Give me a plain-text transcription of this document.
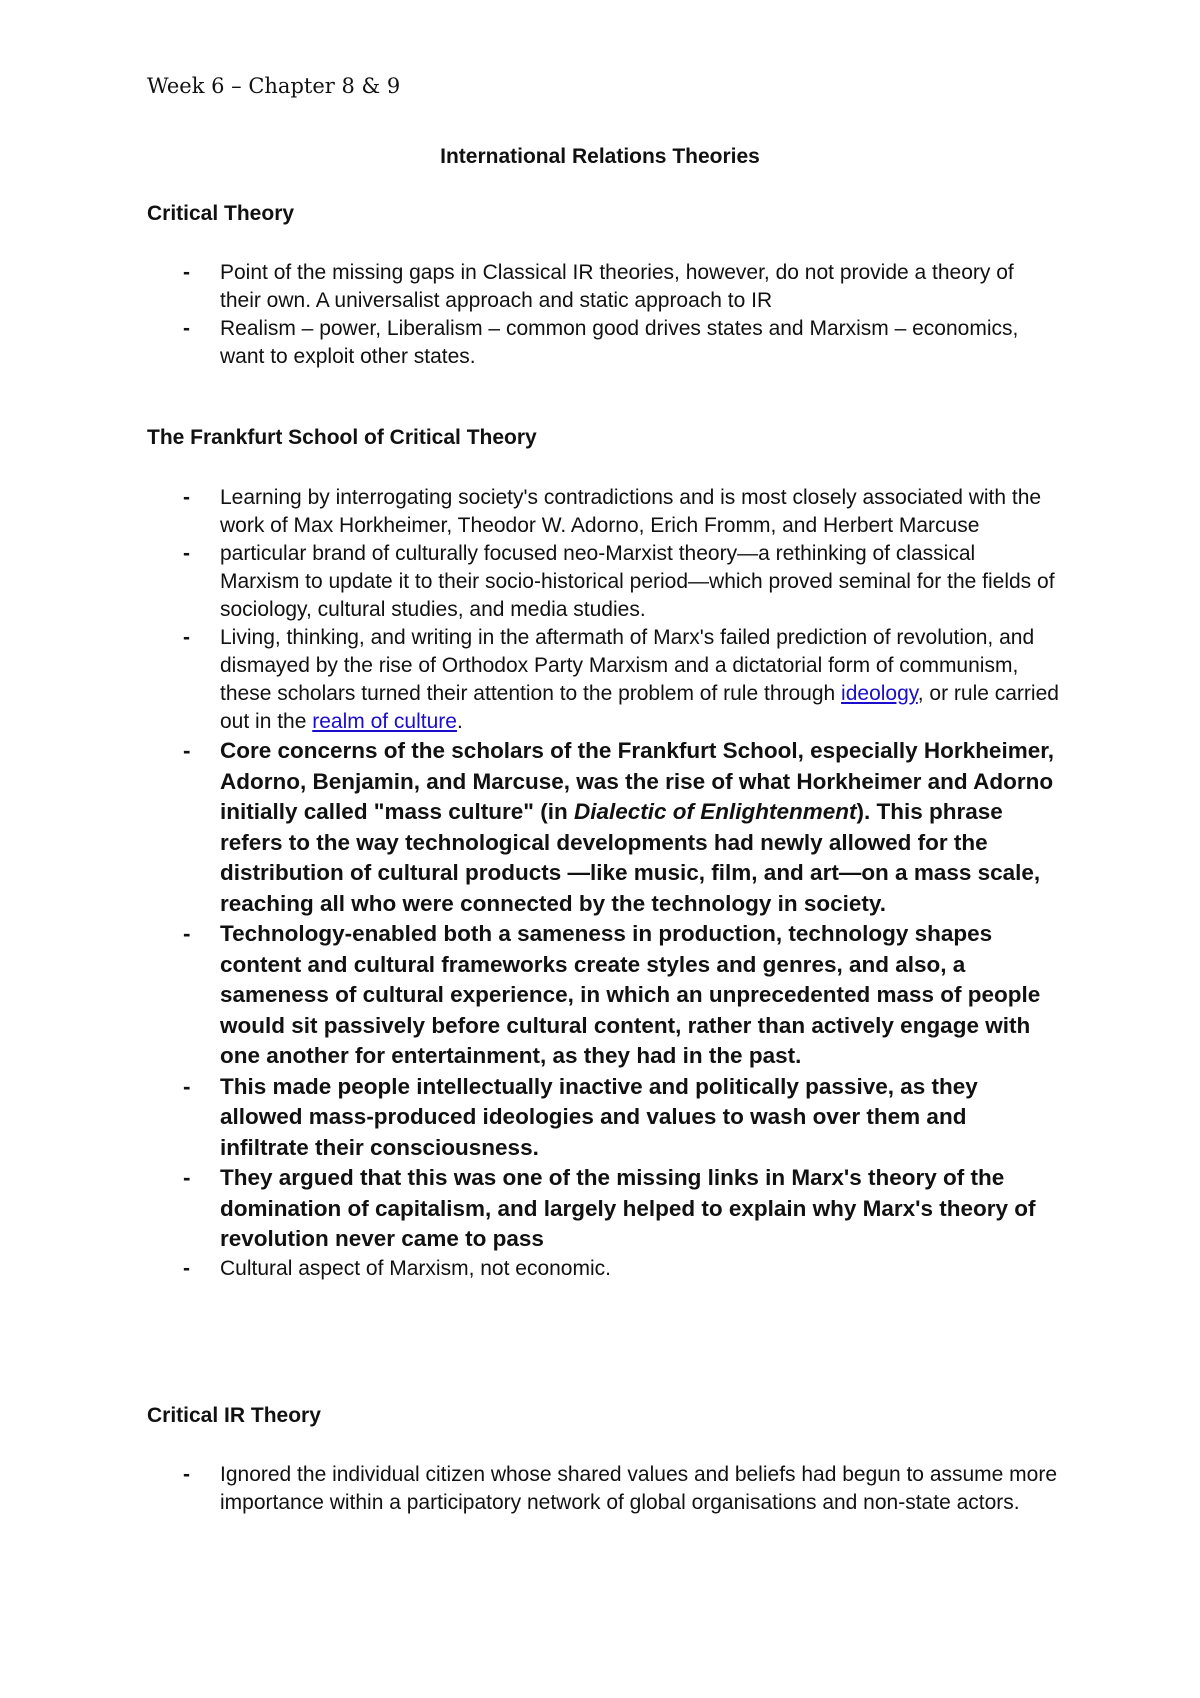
Week 6 – Chapter 8 & 9
International Relations Theories
Critical Theory
- Point of the missing gaps in Classical IR theories, however, do not provide a theory of their own. A universalist approach and static approach to IR
- Realism – power, Liberalism – common good drives states and Marxism – economics, want to exploit other states.
The Frankfurt School of Critical Theory
- Learning by interrogating society's contradictions and is most closely associated with the work of Max Horkheimer, Theodor W. Adorno, Erich Fromm, and Herbert Marcuse
- particular brand of culturally focused neo-Marxist theory—a rethinking of classical Marxism to update it to their socio-historical period—which proved seminal for the fields of sociology, cultural studies, and media studies.
- Living, thinking, and writing in the aftermath of Marx's failed prediction of revolution, and dismayed by the rise of Orthodox Party Marxism and a dictatorial form of communism, these scholars turned their attention to the problem of rule through ideology, or rule carried out in the realm of culture.
- Core concerns of the scholars of the Frankfurt School, especially Horkheimer, Adorno, Benjamin, and Marcuse, was the rise of what Horkheimer and Adorno initially called "mass culture" (in Dialectic of Enlightenment). This phrase refers to the way technological developments had newly allowed for the distribution of cultural products —like music, film, and art—on a mass scale, reaching all who were connected by the technology in society.
- Technology-enabled both a sameness in production, technology shapes content and cultural frameworks create styles and genres, and also, a sameness of cultural experience, in which an unprecedented mass of people would sit passively before cultural content, rather than actively engage with one another for entertainment, as they had in the past.
- This made people intellectually inactive and politically passive, as they allowed mass-produced ideologies and values to wash over them and infiltrate their consciousness.
- They argued that this was one of the missing links in Marx's theory of the domination of capitalism, and largely helped to explain why Marx's theory of revolution never came to pass
- Cultural aspect of Marxism, not economic.
Critical IR Theory
- Ignored the individual citizen whose shared values and beliefs had begun to assume more importance within a participatory network of global organisations and non-state actors.
